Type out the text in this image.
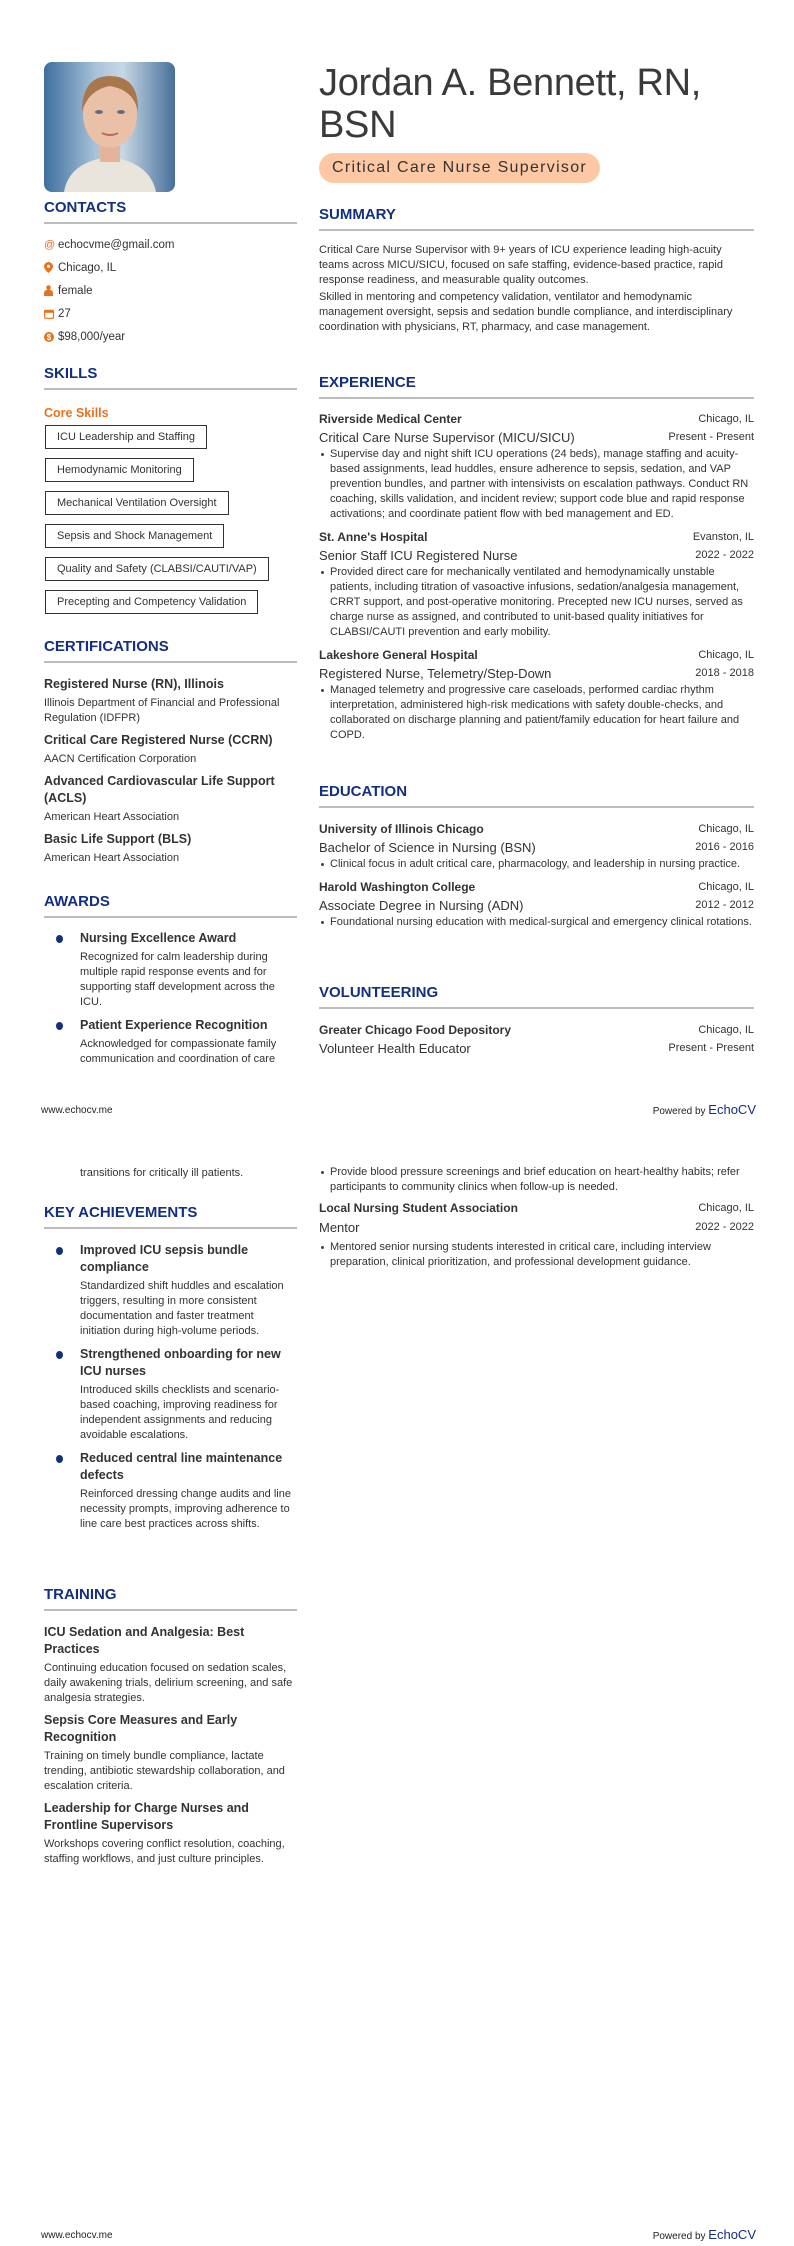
Jordan A. Bennett, RN,
BSN
Critical Care Nurse Supervisor
CONTACTS
@ echocvme@gmail.com
Chicago, IL
female
27
$ $98,000/year
SKILLS
Core Skills
ICU Leadership and Staffing
Hemodynamic Monitoring
Mechanical Ventilation Oversight
Sepsis and Shock Management
Quality and Safety (CLABSI/CAUTI/VAP)
Precepting and Competency Validation
CERTIFICATIONS
Registered Nurse (RN), Illinois
Illinois Department of Financial and Professional Regulation (IDFPR)
Critical Care Registered Nurse (CCRN)
AACN Certification Corporation
Advanced Cardiovascular Life Support (ACLS)
American Heart Association
Basic Life Support (BLS)
American Heart Association
AWARDS
Nursing Excellence Award
Recognized for calm leadership during multiple rapid response events and for supporting staff development across the ICU.
Patient Experience Recognition
Acknowledged for compassionate family communication and coordination of care
SUMMARY

Critical Care Nurse Supervisor with 9+ years of ICU experience leading high-acuity teams across MICU/SICU, focused on safe staffing, evidence-based practice, rapid response readiness, and measurable quality outcomes.

Skilled in mentoring and competency validation, ventilator and hemodynamic management oversight, sepsis and sedation bundle compliance, and interdisciplinary coordination with physicians, RT, pharmacy, and case management.

EXPERIENCE
Riverside Medical Center	Chicago, IL
Critical Care Nurse Supervisor (MICU/SICU)	Present - Present
Supervise day and night shift ICU operations (24 beds), manage staffing and acuity-based assignments, lead huddles, ensure adherence to sepsis, sedation, and VAP prevention bundles, and partner with intensivists on escalation pathways. Conduct RN coaching, skills validation, and incident review; support code blue and rapid response activations; and coordinate patient flow with bed management and ED.
St. Anne's Hospital	Evanston, IL
Senior Staff ICU Registered Nurse	2022 - 2022
Provided direct care for mechanically ventilated and hemodynamically unstable patients, including titration of vasoactive infusions, sedation/analgesia management, CRRT support, and post-operative monitoring. Precepted new ICU nurses, served as charge nurse as assigned, and contributed to unit-based quality initiatives for CLABSI/CAUTI prevention and early mobility.
Lakeshore General Hospital	Chicago, IL
Registered Nurse, Telemetry/Step-Down	2018 - 2018
Managed telemetry and progressive care caseloads, performed cardiac rhythm interpretation, administered high-risk medications with safety double-checks, and collaborated on discharge planning and patient/family education for heart failure and COPD.
EDUCATION
University of Illinois Chicago	Chicago, IL
Bachelor of Science in Nursing (BSN)	2016 - 2016
Clinical focus in adult critical care, pharmacology, and leadership in nursing practice.
Harold Washington College	Chicago, IL
Associate Degree in Nursing (ADN)	2012 - 2012
Foundational nursing education with medical-surgical and emergency clinical rotations.
VOLUNTEERING
Greater Chicago Food Depository	Chicago, IL
Volunteer Health Educator	Present - Present
www.echocv.me	Powered by EchoCV
transitions for critically ill patients.	Provide blood pressure screenings and brief education on heart-healthy habits; refer participants to community clinics when follow-up is needed.
Local Nursing Student Association	Chicago, IL
Mentor	2022 - 2022
Mentored senior nursing students interested in critical care, including interview preparation, clinical prioritization, and professional development guidance.
KEY ACHIEVEMENTS
Improved ICU sepsis bundle compliance
Standardized shift huddles and escalation triggers, resulting in more consistent documentation and faster treatment initiation during high-volume periods.
Strengthened onboarding for new ICU nurses
Introduced skills checklists and scenario-based coaching, improving readiness for independent assignments and reducing avoidable escalations.
Reduced central line maintenance defects
Reinforced dressing change audits and line necessity prompts, improving adherence to line care best practices across shifts.
TRAINING
ICU Sedation and Analgesia: Best Practices
Continuing education focused on sedation scales, daily awakening trials, delirium screening, and safe analgesia strategies.
Sepsis Core Measures and Early Recognition
Training on timely bundle compliance, lactate trending, antibiotic stewardship collaboration, and escalation criteria.
Leadership for Charge Nurses and Frontline Supervisors
Workshops covering conflict resolution, coaching, staffing workflows, and just culture principles.
www.echocv.me	Powered by EchoCV
